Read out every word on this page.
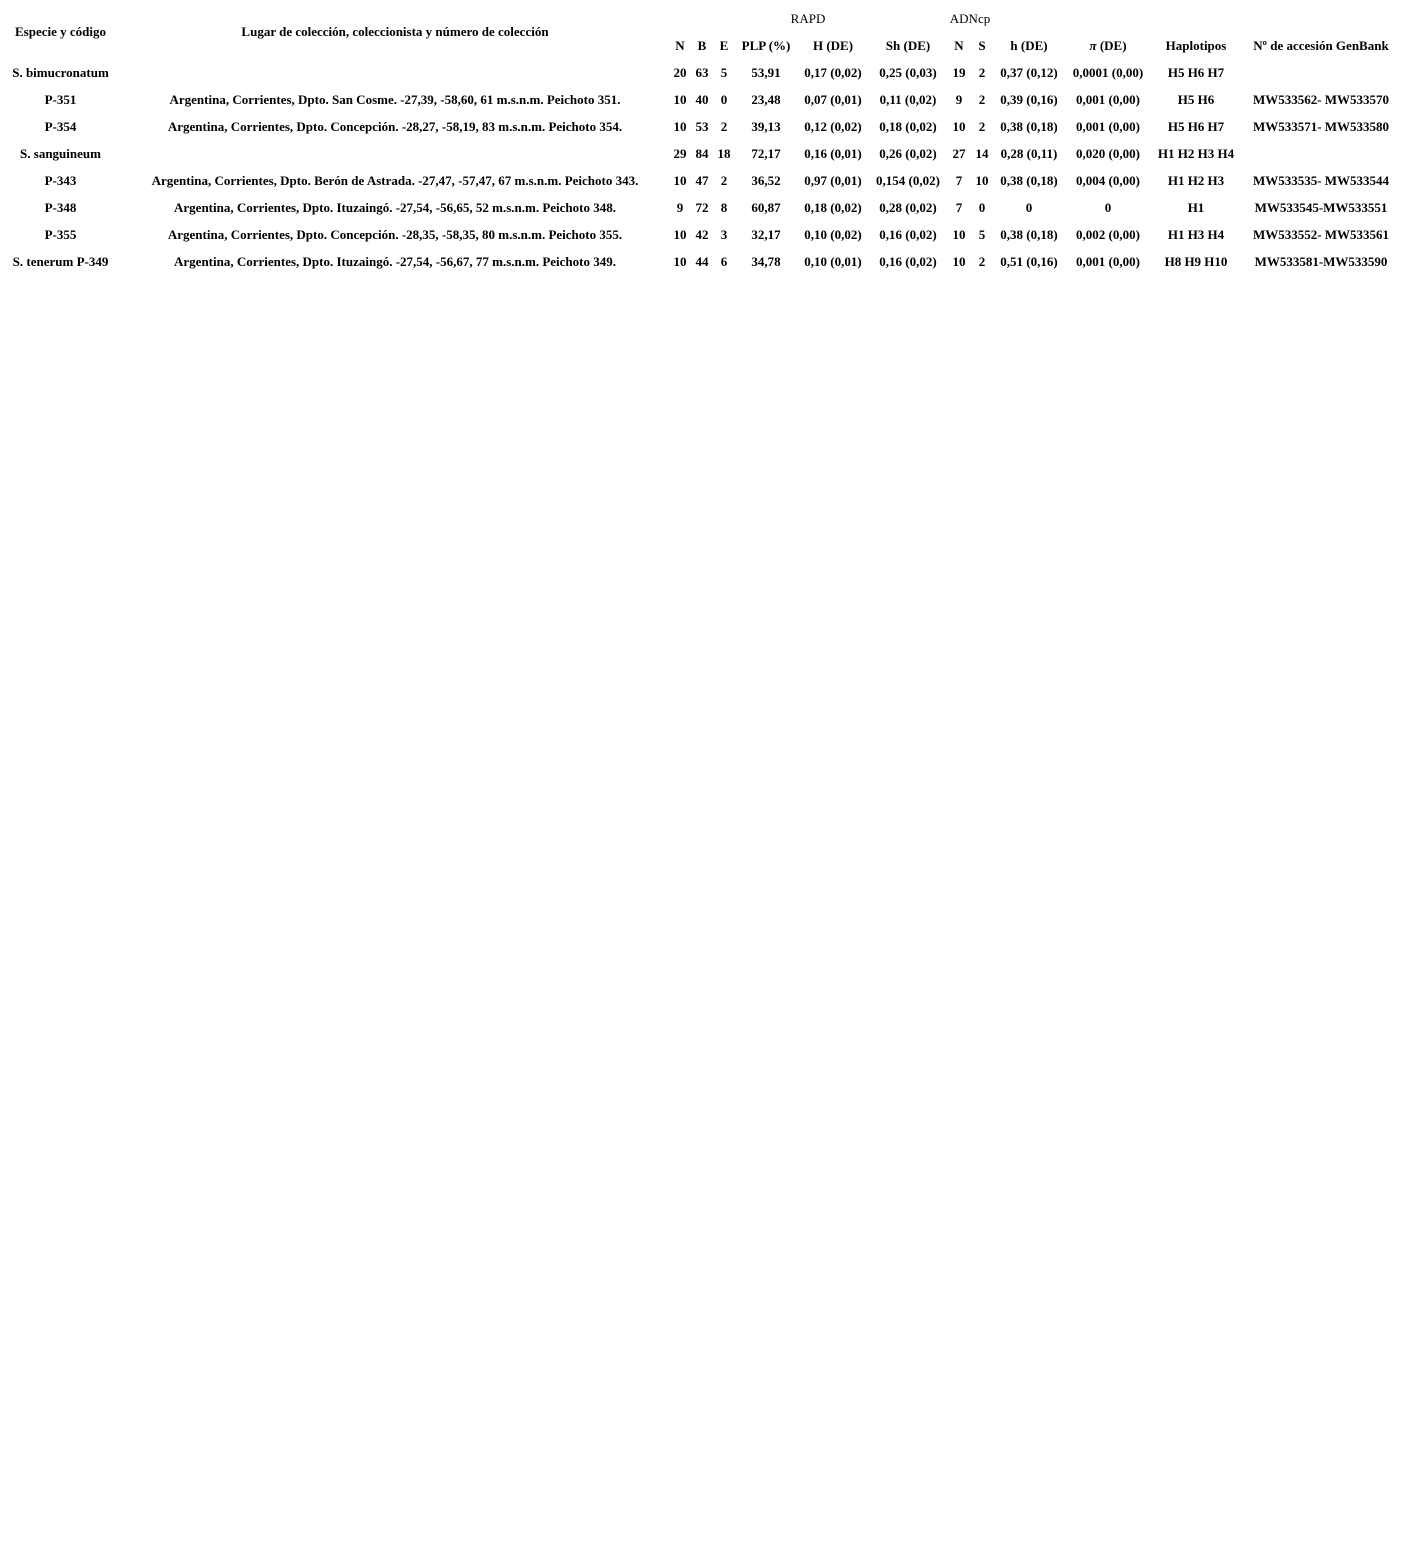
Especie y código	Lugar de colección, coleccionista y número de colección	RAPD						ADNcp					
		N	B	E	PLP (%)	H (DE)	Sh (DE)	N	S	h (DE)	π (DE)	Haplotipos	Nº de accesión GenBank
S. bimucronatum		20	63	5	53,91	0,17 (0,02)	0,25 (0,03)	19	2	0,37 (0,12)	0,0001 (0,00)	H5 H6 H7	
P-351	Argentina, Corrientes, Dpto. San Cosme. -27,39, -58,60, 61 m.s.n.m. Peichoto 351.	10	40	0	23,48	0,07 (0,01)	0,11 (0,02)	9	2	0,39 (0,16)	0,001 (0,00)	H5 H6	MW533562- MW533570
P-354	Argentina, Corrientes, Dpto. Concepción. -28,27, -58,19, 83 m.s.n.m. Peichoto 354.	10	53	2	39,13	0,12 (0,02)	0,18 (0,02)	10	2	0,38 (0,18)	0,001 (0,00)	H5 H6 H7	MW533571- MW533580
S. sanguineum		29	84	18	72,17	0,16 (0,01)	0,26 (0,02)	27	14	0,28 (0,11)	0,020 (0,00)	H1 H2 H3 H4	
P-343	Argentina, Corrientes, Dpto. Berón de Astrada. -27,47, -57,47, 67 m.s.n.m. Peichoto 343.	10	47	2	36,52	0,97 (0,01)	0,154 (0,02)	7	10	0,38 (0,18)	0,004 (0,00)	H1 H2 H3	MW533535- MW533544
P-348	Argentina, Corrientes, Dpto. Ituzaingó. -27,54, -56,65, 52 m.s.n.m. Peichoto 348.	9	72	8	60,87	0,18 (0,02)	0,28 (0,02)	7	0	0	0	H1	MW533545-MW533551
P-355	Argentina, Corrientes, Dpto. Concepción. -28,35, -58,35, 80 m.s.n.m. Peichoto 355.	10	42	3	32,17	0,10 (0,02)	0,16 (0,02)	10	5	0,38 (0,18)	0,002 (0,00)	H1 H3 H4	MW533552- MW533561
S. tenerum P-349	Argentina, Corrientes, Dpto. Ituzaingó. -27,54, -56,67, 77 m.s.n.m. Peichoto 349.	10	44	6	34,78	0,10 (0,01)	0,16 (0,02)	10	2	0,51 (0,16)	0,001 (0,00)	H8 H9 H10	MW533581-MW533590
